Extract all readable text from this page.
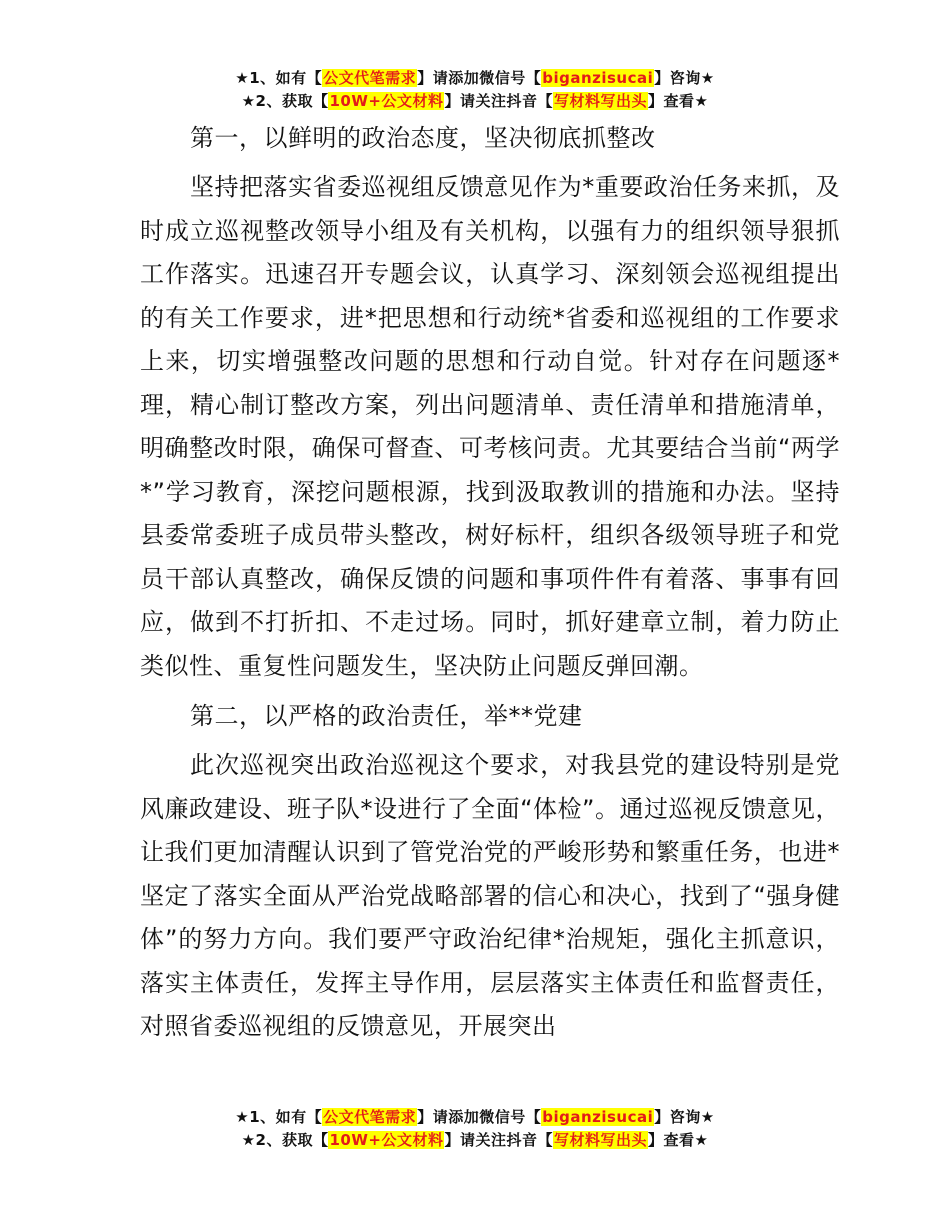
★1、如有【公文代笔需求】请添加微信号【biganzisucai】咨询★
★2、获取【10W+公文材料】请关注抖音【写材料写出头】查看★

第一，以鲜明的政治态度，坚决彻底抓整改

坚持把落实省委巡视组反馈意见作为*重要政治任务来抓，及时成立巡视整改领导小组及有关机构，以强有力的组织领导狠抓工作落实。迅速召开专题会议，认真学习、深刻领会巡视组提出的有关工作要求，进*把思想和行动统*省委和巡视组的工作要求上来，切实增强整改问题的思想和行动自觉。针对存在问题逐*理，精心制订整改方案，列出问题清单、责任清单和措施清单，明确整改时限，确保可督查、可考核问责。尤其要结合当前“两学*”学习教育，深挖问题根源，找到汲取教训的措施和办法。坚持县委常委班子成员带头整改，树好标杆，组织各级领导班子和党员干部认真整改，确保反馈的问题和事项件件有着落、事事有回应，做到不打折扣、不走过场。同时，抓好建章立制，着力防止类似性、重复性问题发生，坚决防止问题反弹回潮。

第二，以严格的政治责任，举**党建

此次巡视突出政治巡视这个要求，对我县党的建设特别是党风廉政建设、班子队*设进行了全面“体检”。通过巡视反馈意见，让我们更加清醒认识到了管党治党的严峻形势和繁重任务，也进*坚定了落实全面从严治党战略部署的信心和决心，找到了“强身健体”的努力方向。我们要严守政治纪律*治规矩，强化主抓意识，落实主体责任，发挥主导作用，层层落实主体责任和监督责任，对照省委巡视组的反馈意见，开展突出

★1、如有【公文代笔需求】请添加微信号【biganzisucai】咨询★
★2、获取【10W+公文材料】请关注抖音【写材料写出头】查看★
